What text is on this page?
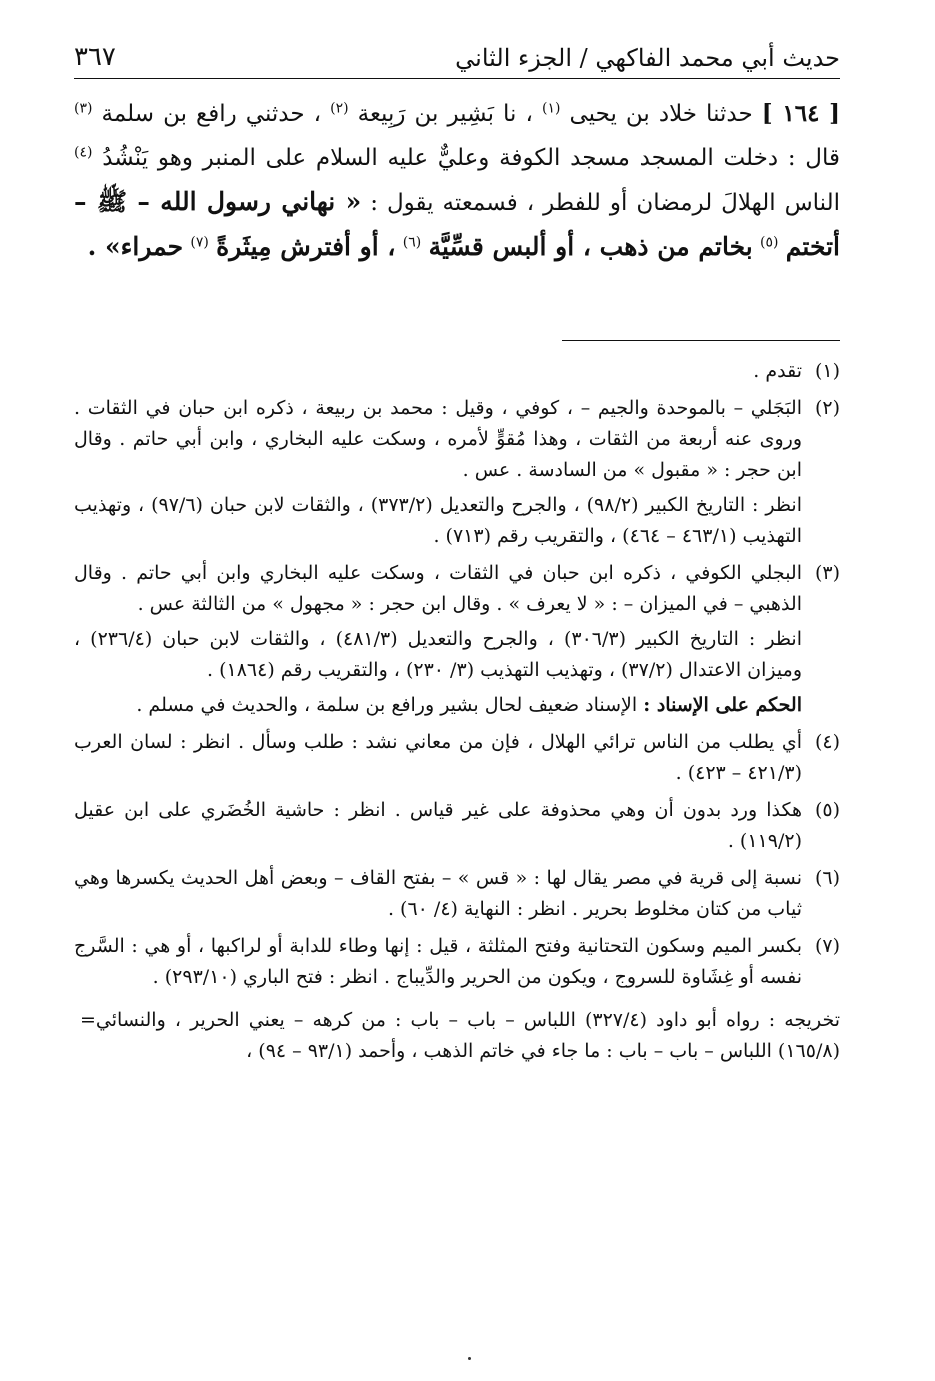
حديث أبي محمد الفاكهي / الجزء الثاني
٣٦٧

[ ١٦٤ ] حدثنا خلاد بن يحيى $^{(١)}$ ، نا بَشِير بن رَبِيعة $^{(٢)}$ ، حدثني رافع بن سلمة $^{(٣)}$ قال : دخلت المسجد مسجد الكوفة وعليٌّ عليه السلام على المنبر وهو يَنْشُدُ $^{(٤)}$ الناس الهلالَ لرمضان أو للفطر ، فسمعته يقول : « نهاني رسول الله – ﷺ – أتختم $^{(٥)}$ بخاتم من ذهب ، أو ألبس قسِّيَّة $^{(٦)}$ ، أو أفترش مِيثَرةً $^{(٧)}$ حمراء» .

(١)

تقدم .

(٢)

البَجَلي – بالموحدة والجيم – ، كوفي ، وقيل : محمد بن ربيعة ، ذكره ابن حبان في الثقات . وروى عنه أربعة من الثقات ، وهذا مُقوٍّ لأمره ، وسكت عليه البخاري ، وابن أبي حاتم . وقال ابن حجر : « مقبول » من السادسة . عس .

انظر : التاريخ الكبير (٩٨/٢) ، والجرح والتعديل (٣٧٣/٢) ، والثقات لابن حبان (٩٧/٦) ، وتهذيب التهذيب (٤٦٣/١ – ٤٦٤) ، والتقريب رقم (٧١٣) .

(٣)

البجلي الكوفي ، ذكره ابن حبان في الثقات ، وسكت عليه البخاري وابن أبي حاتم . وقال الذهبي – في الميزان – : « لا يعرف » . وقال ابن حجر : « مجهول » من الثالثة عس .

انظر : التاريخ الكبير (٣٠٦/٣) ، والجرح والتعديل (٤٨١/٣) ، والثقات لابن حبان (٢٣٦/٤) ، وميزان الاعتدال (٣٧/٢) ، وتهذيب التهذيب (٣/ ٢٣٠) ، والتقريب رقم (١٨٦٤) .

الحكم على الإسناد : الإسناد ضعيف لحال بشير ورافع بن سلمة ، والحديث في مسلم .

(٤)

أي يطلب من الناس ترائي الهلال ، فإن من معاني نشد : طلب وسأل . انظر : لسان العرب (٤٢١/٣ – ٤٢٣) .

(٥)

هكذا ورد بدون أن وهي محذوفة على غير قياس . انظر : حاشية الخُضَري على ابن عقيل (١١٩/٢) .

(٦)

نسبة إلى قرية في مصر يقال لها : « قس » – بفتح القاف – وبعض أهل الحديث يكسرها وهي ثياب من كتان مخلوط بحرير . انظر : النهاية (٤/ ٦٠) .

(٧)

بكسر الميم وسكون التحتانية وفتح المثلثة ، قيل : إنها وطاء للدابة أو لراكبها ، أو هي : السَّرج نفسه أو غِشَاوة للسروج ، ويكون من الحرير والدِّيباج . انظر : فتح الباري (٢٩٣/١٠) .

= تخريجه : رواه أبو داود (٣٢٧/٤) اللباس – باب – باب : من كرهه – يعني الحرير ، والنسائي (١٦٥/٨) اللباس – باب – باب : ما جاء في خاتم الذهب ، وأحمد (٩٣/١ – ٩٤) ،
